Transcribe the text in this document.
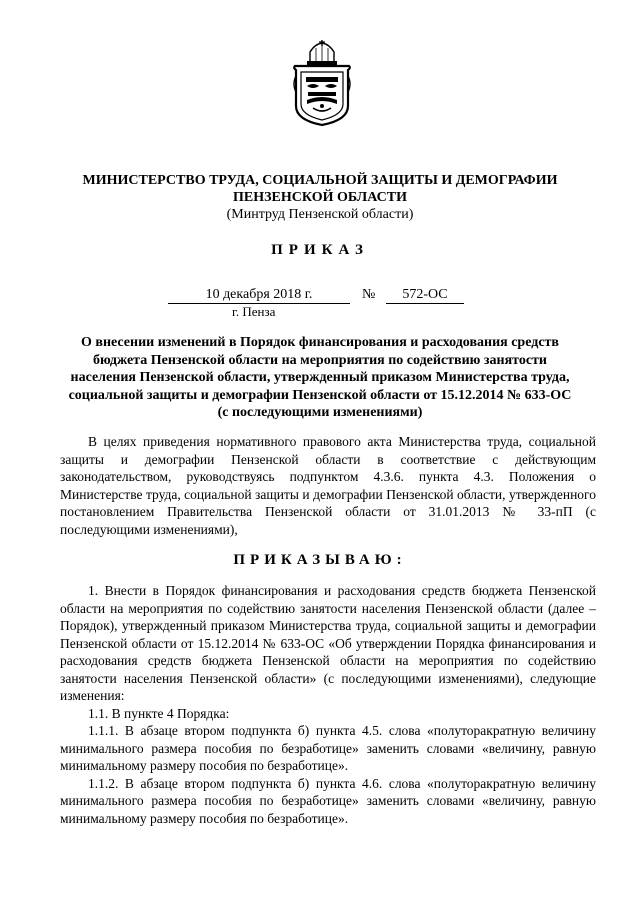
МИНИСТЕРСТВО ТРУДА, СОЦИАЛЬНОЙ ЗАЩИТЫ И ДЕМОГРАФИИ
ПЕНЗЕНСКОЙ ОБЛАСТИ
(Минтруд Пензенской области)
ПРИКАЗ
10 декабря 2018 г.	№	572-ОС
г. Пенза
О внесении изменений в Порядок финансирования и расходования средств
бюджета Пензенской области на мероприятия по содействию занятости
населения Пензенской области, утвержденный приказом Министерства труда,
социальной защиты и демографии Пензенской области от 15.12.2014 № 633-ОС
(с последующими изменениями)

В целях приведения нормативного правового акта Министерства труда, социальной защиты и демографии Пензенской области в соответствие с действующим законодательством, руководствуясь подпунктом 4.3.6. пункта 4.3. Положения о Министерстве труда, социальной защиты и демографии Пензенской области, утвержденного постановлением Правительства Пензенской области от 31.01.2013 № 33-пП (с последующими изменениями),

ПРИКАЗЫВАЮ:

1. Внести в Порядок финансирования и расходования средств бюджета Пензенской области на мероприятия по содействию занятости населения Пензенской области (далее – Порядок), утвержденный приказом Министерства труда, социальной защиты и демографии Пензенской области от 15.12.2014 № 633-ОС «Об утверждении Порядка финансирования и расходования средств бюджета Пензенской области на мероприятия по содействию занятости населения Пензенской области» (с последующими изменениями), следующие изменения:

1.1. В пункте 4 Порядка:

1.1.1. В абзаце втором подпункта б) пункта 4.5. слова «полуторакратную величину минимального размера пособия по безработице» заменить словами «величину, равную минимальному размеру пособия по безработице».

1.1.2. В абзаце втором подпункта б) пункта 4.6. слова «полуторакратную величину минимального размера пособия по безработице» заменить словами «величину, равную минимальному размеру пособия по безработице».
